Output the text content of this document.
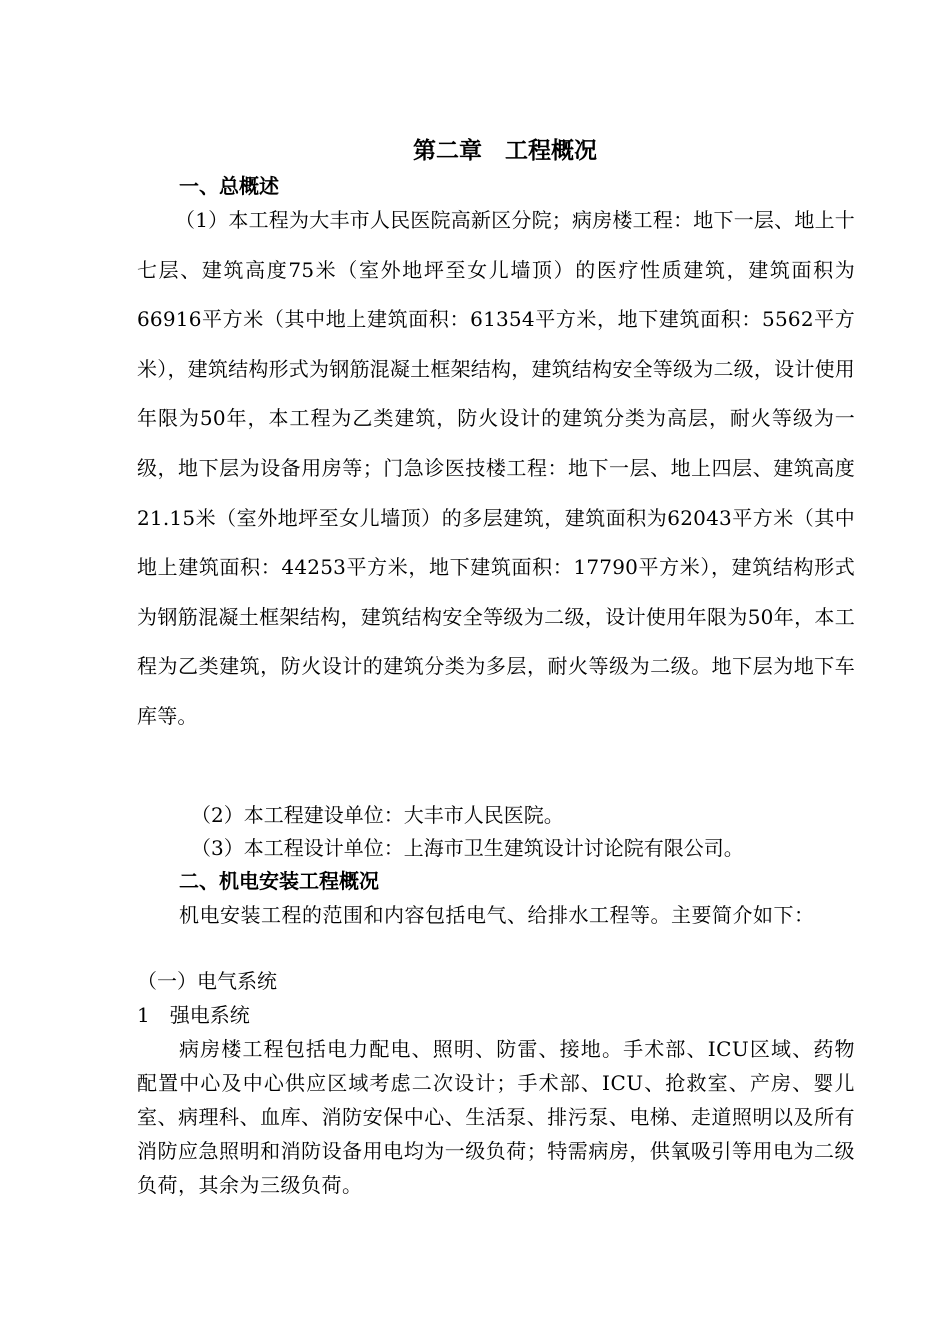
第二章　工程概况
一、总概述

（1）本工程为大丰市人民医院高新区分院；病房楼工程：地下一层、地上十七层、建筑高度75米（室外地坪至女儿墙顶）的医疗性质建筑，建筑面积为66916平方米（其中地上建筑面积：61354平方米，地下建筑面积：5562平方米），建筑结构形式为钢筋混凝土框架结构，建筑结构安全等级为二级，设计使用年限为50年，本工程为乙类建筑，防火设计的建筑分类为高层，耐火等级为一级，地下层为设备用房等；门急诊医技楼工程：地下一层、地上四层、建筑高度21.15米（室外地坪至女儿墙顶）的多层建筑，建筑面积为62043平方米（其中地上建筑面积：44253平方米，地下建筑面积：17790平方米），建筑结构形式为钢筋混凝土框架结构，建筑结构安全等级为二级，设计使用年限为50年，本工程为乙类建筑，防火设计的建筑分类为多层，耐火等级为二级。地下层为地下车库等。

（2）本工程建设单位：大丰市人民医院。

（3）本工程设计单位：上海市卫生建筑设计讨论院有限公司。

二、机电安装工程概况

机电安装工程的范围和内容包括电气、给排水工程等。主要简介如下：

（一）电气系统

1　强电系统

病房楼工程包括电力配电、照明、防雷、接地。手术部、ICU区域、药物配置中心及中心供应区域考虑二次设计；手术部、ICU、抢救室、产房、婴儿室、病理科、血库、消防安保中心、生活泵、排污泵、电梯、走道照明以及所有消防应急照明和消防设备用电均为一级负荷；特需病房，供氧吸引等用电为二级负荷，其余为三级负荷。
